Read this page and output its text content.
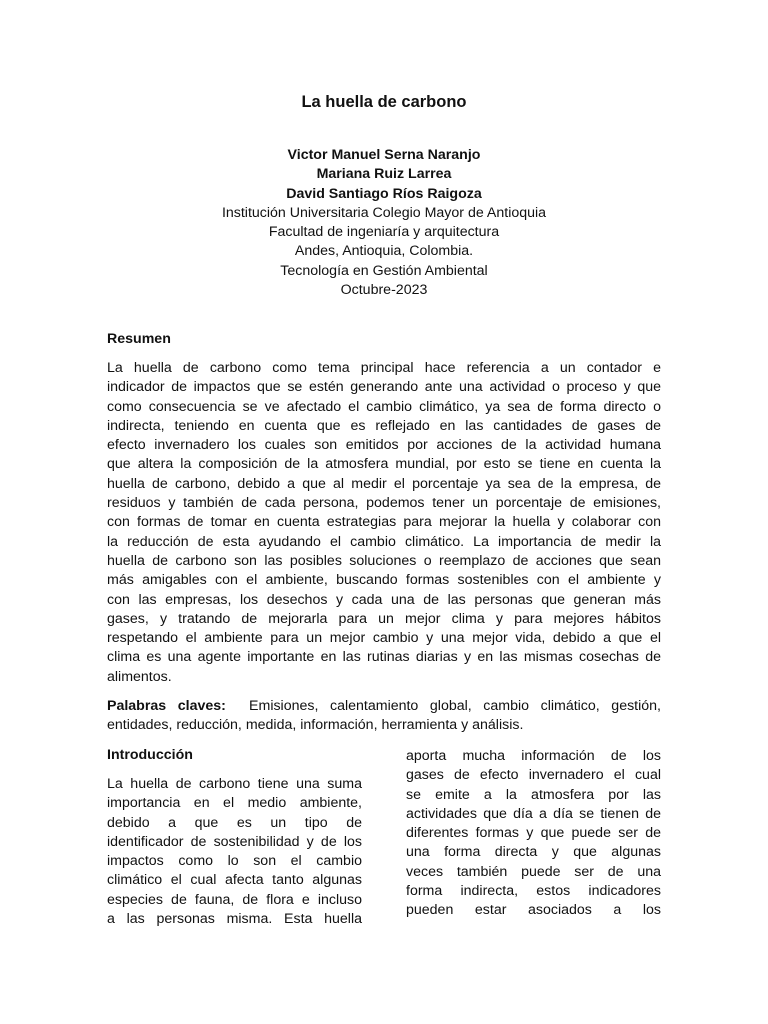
La huella de carbono
Victor Manuel Serna Naranjo
Mariana Ruiz Larrea
David Santiago Ríos Raigoza
Institución Universitaria Colegio Mayor de Antioquia
Facultad de ingeniaría y arquitectura
Andes, Antioquia, Colombia.
Tecnología en Gestión Ambiental
Octubre-2023
Resumen
La huella de carbono como tema principal hace referencia a un contador e
indicador de impactos que se estén generando ante una actividad o proceso y que
como consecuencia se ve afectado el cambio climático, ya sea de forma directo o
indirecta, teniendo en cuenta que es reflejado en las cantidades de gases de
efecto invernadero los cuales son emitidos por acciones de la actividad humana
que altera la composición de la atmosfera mundial, por esto se tiene en cuenta la
huella de carbono, debido a que al medir el porcentaje ya sea de la empresa, de
residuos y también de cada persona, podemos tener un porcentaje de emisiones,
con formas de tomar en cuenta estrategias para mejorar la huella y colaborar con
la reducción de esta ayudando el cambio climático. La importancia de medir la
huella de carbono son las posibles soluciones o reemplazo de acciones que sean
más amigables con el ambiente, buscando formas sostenibles con el ambiente y
con las empresas, los desechos y cada una de las personas que generan más
gases, y tratando de mejorarla para un mejor clima y para mejores hábitos
respetando el ambiente para un mejor cambio y una mejor vida, debido a que el
clima es una agente importante en las rutinas diarias y en las mismas cosechas de
alimentos.
Palabras claves: Emisiones, calentamiento global, cambio climático, gestión,
entidades, reducción, medida, información, herramienta y análisis.
Introducción
La huella de carbono tiene una suma
importancia en el medio ambiente,
debido a que es un tipo de
identificador de sostenibilidad y de los
impactos como lo son el cambio
climático el cual afecta tanto algunas
especies de fauna, de flora e incluso
a las personas misma. Esta huella
aporta mucha información de los
gases de efecto invernadero el cual
se emite a la atmosfera por las
actividades que día a día se tienen de
diferentes formas y que puede ser de
una forma directa y que algunas
veces también puede ser de una
forma indirecta, estos indicadores
pueden estar asociados a los
